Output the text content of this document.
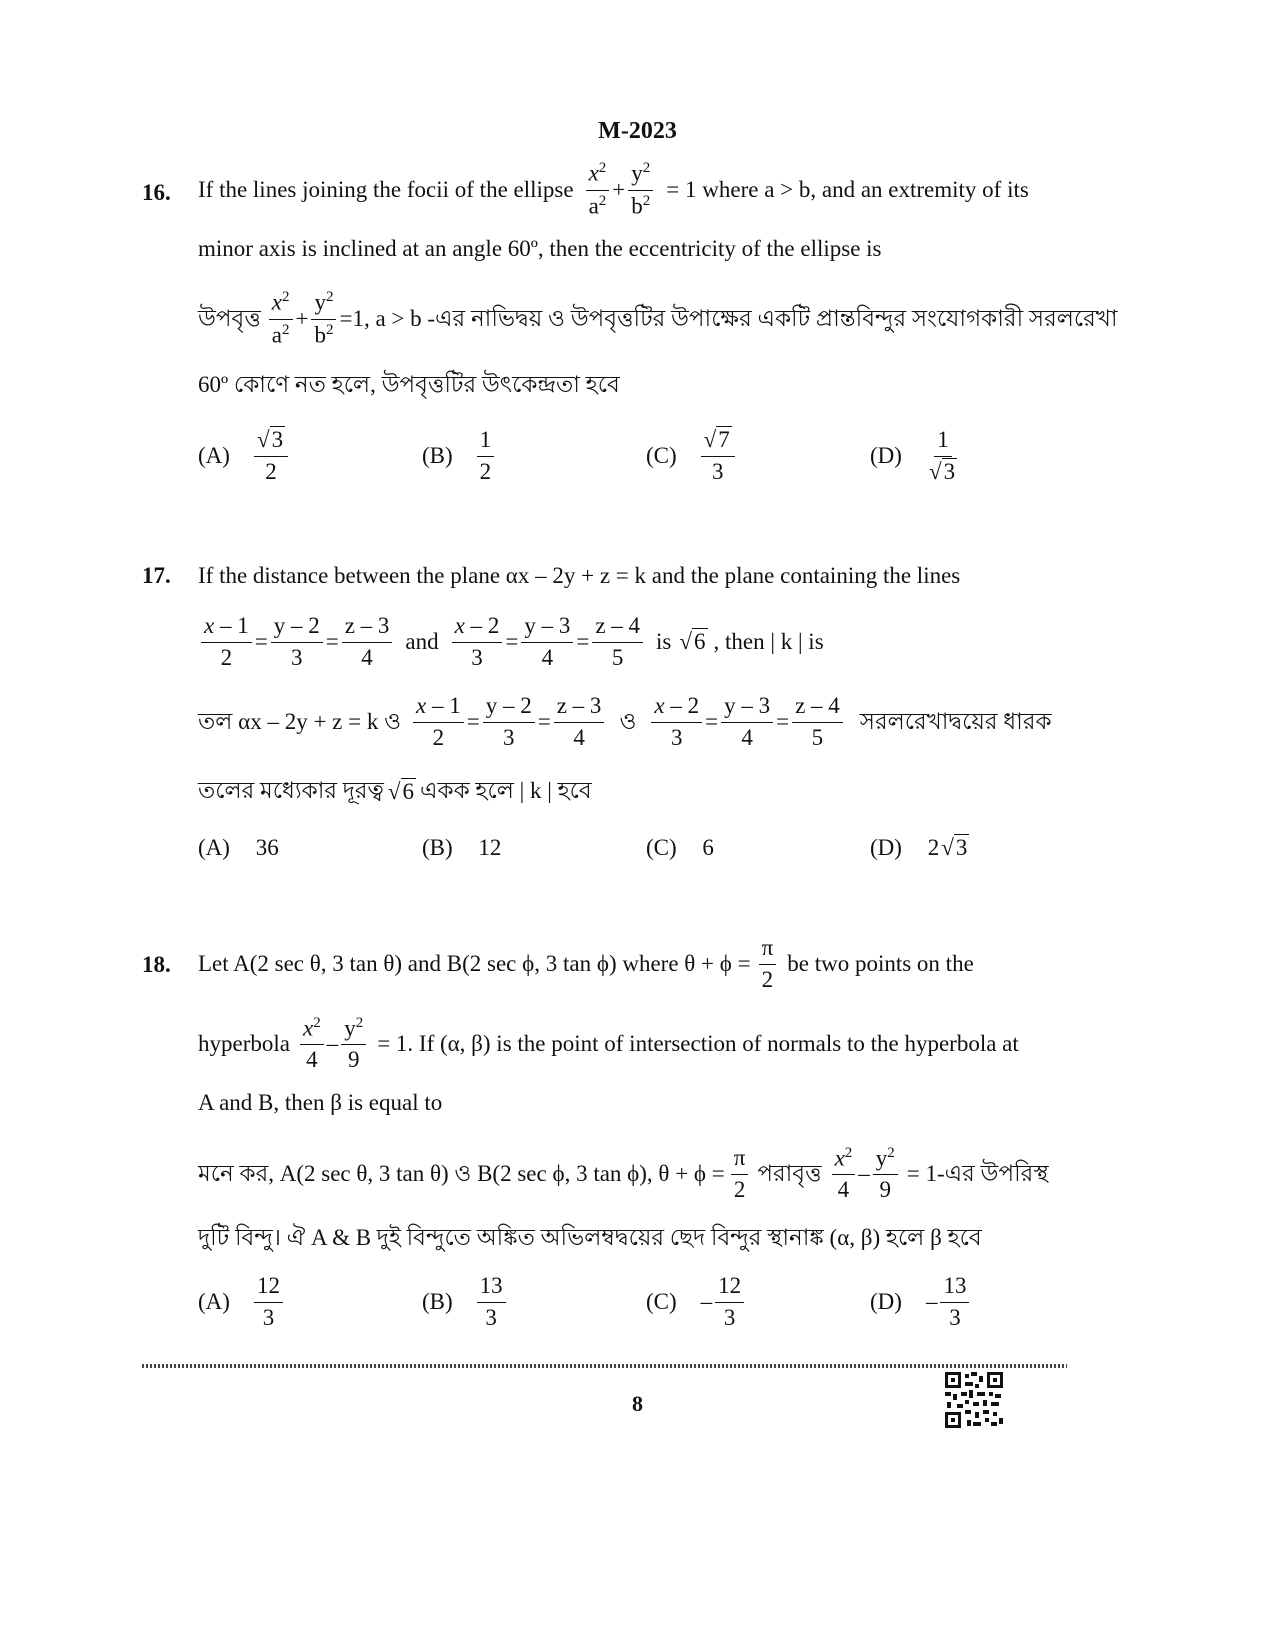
M-2023
16. If the lines joining the focii of the ellipse $\frac{x^2}{a^2} + \frac{y^2}{b^2} = 1$ where a > b, and an extremity of its
minor axis is inclined at an angle 60º, then the eccentricity of the ellipse is
উপবৃত্ত $\frac{x^2}{a^2} + \frac{y^2}{b^2} =1$, a > b -এর নাভিদ্বয় ও উপবৃত্তটির উপাক্ষের একটি প্রান্তবিন্দুর সংযোগকারী সরলরেখা
60º কোণে নত হলে, উপবৃত্তটির উৎকেন্দ্রতা হবে
$(A) \frac{√3}{2}$	$(B) \frac{1}{2}$	$(C) \frac{√7}{3}$	$(D) \frac{1}{√3}$
17. If the distance between the plane αx – 2y + z = k and the plane containing the lines
$\frac{x - 1}{2} = \frac{y - 2}{3} = \frac{z - 3}{4}$ and $\frac{x - 2}{3} = \frac{y - 3}{4} = \frac{z - 4}{5}$ is √6 , then | k | is
তল αx – 2y + z = k ও $\frac{x - 1}{2} = \frac{y - 2}{3} = \frac{z - 3}{4}$ ও $\frac{x - 2}{3} = \frac{y - 3}{4} = \frac{z - 4}{5}$ সরলরেখাদ্বয়ের ধারক
তলের মধ্যেকার দূরত্ব √6 একক হলে | k | হবে
(A) 36	(B) 12	(C) 6	(D) 2√3
18. Let A(2 sec θ, 3 tan θ) and B(2 sec ϕ, 3 tan ϕ) where $\theta + \phi = \frac{\pi}{2}$ be two points on the
hyperbola $\frac{x^2}{4} - \frac{y^2}{9} = 1$. If (α, β) is the point of intersection of normals to the hyperbola at
A and B, then β is equal to
মনে কর, A(2 sec θ, 3 tan θ) ও B(2 sec ϕ, 3 tan ϕ), $\theta + \phi = \frac{\pi}{2}$ পরাবৃত্ত $\frac{x^2}{4} - \frac{y^2}{9}$ = 1-এর উপরিস্থ
দুটি বিন্দু। ঐ A & B দুই বিন্দুতে অঙ্কিত অভিলম্বদ্বয়ের ছেদ বিন্দুর স্থানাঙ্ক (α, β) হলে β হবে
$(A) \frac{12}{3}$	$(B) \frac{13}{3}$	$(C) - \frac{12}{3}$	$(D) - \frac{13}{3}$
8
